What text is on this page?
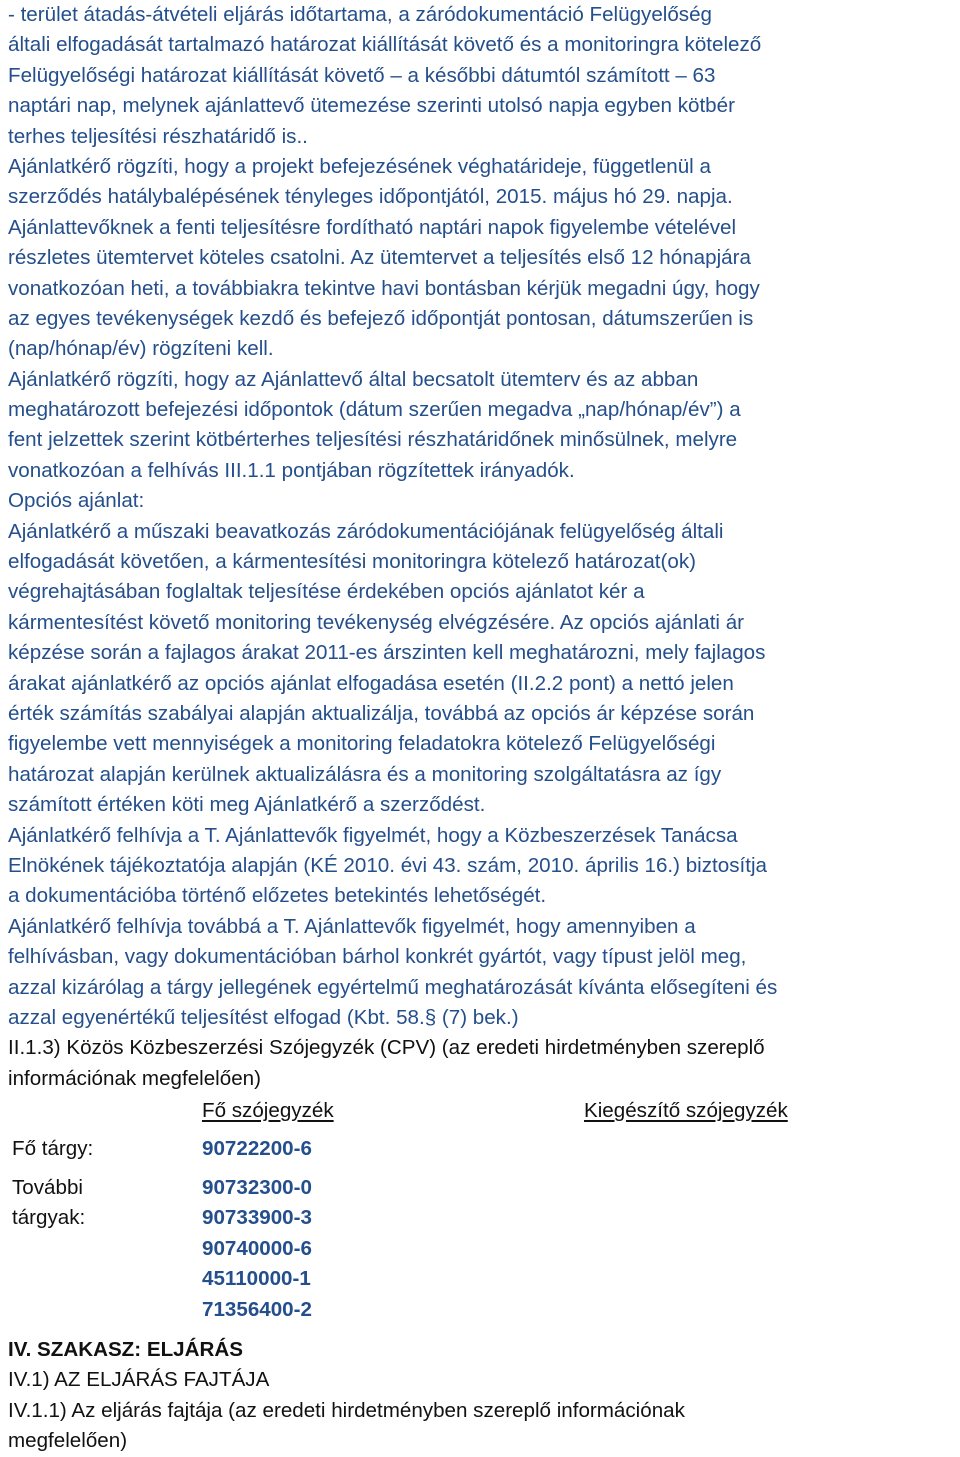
- terület átadás-átvételi eljárás időtartama, a záródokumentáció Felügyelőség
általi elfogadását tartalmazó határozat kiállítását követő és a monitoringra kötelező
Felügyelőségi határozat kiállítását követő – a későbbi dátumtól számított – 63
naptári nap, melynek ajánlattevő ütemezése szerinti utolsó napja egyben kötbér
terhes teljesítési részhatáridő is..
Ajánlatkérő rögzíti, hogy a projekt befejezésének véghatárideje, függetlenül a
szerződés hatálybalépésének tényleges időpontjától, 2015. május hó 29. napja.
Ajánlattevőknek a fenti teljesítésre fordítható naptári napok figyelembe vételével
részletes ütemtervet köteles csatolni. Az ütemtervet a teljesítés első 12 hónapjára
vonatkozóan heti, a továbbiakra tekintve havi bontásban kérjük megadni úgy, hogy
az egyes tevékenységek kezdő és befejező időpontját pontosan, dátumszerűen is
(nap/hónap/év) rögzíteni kell.
Ajánlatkérő rögzíti, hogy az Ajánlattevő által becsatolt ütemterv és az abban
meghatározott befejezési időpontok (dátum szerűen megadva „nap/hónap/év”) a
fent jelzettek szerint kötbérterhes teljesítési részhatáridőnek minősülnek, melyre
vonatkozóan a felhívás III.1.1 pontjában rögzítettek irányadók.
Opciós ajánlat:
Ajánlatkérő a műszaki beavatkozás záródokumentációjának felügyelőség általi
elfogadását követően, a kármentesítési monitoringra kötelező határozat(ok)
végrehajtásában foglaltak teljesítése érdekében opciós ajánlatot kér a
kármentesítést követő monitoring tevékenység elvégzésére. Az opciós ajánlati ár
képzése során a fajlagos árakat 2011-es árszinten kell meghatározni, mely fajlagos
árakat ajánlatkérő az opciós ajánlat elfogadása esetén (II.2.2 pont) a nettó jelen
érték számítás szabályai alapján aktualizálja, továbbá az opciós ár képzése során
figyelembe vett mennyiségek a monitoring feladatokra kötelező Felügyelőségi
határozat alapján kerülnek aktualizálásra és a monitoring szolgáltatásra az így
számított értéken köti meg Ajánlatkérő a szerződést.
Ajánlatkérő felhívja a T. Ajánlattevők figyelmét, hogy a Közbeszerzések Tanácsa
Elnökének tájékoztatója alapján (KÉ 2010. évi 43. szám, 2010. április 16.) biztosítja
a dokumentációba történő előzetes betekintés lehetőségét.
Ajánlatkérő felhívja továbbá a T. Ajánlattevők figyelmét, hogy amennyiben a
felhívásban, vagy dokumentációban bárhol konkrét gyártót, vagy típust jelöl meg,
azzal kizárólag a tárgy jellegének egyértelmű meghatározását kívánta elősegíteni és
azzal egyenértékű teljesítést elfogad (Kbt. 58.§ (7) bek.)
II.1.3) Közös Közbeszerzési Szójegyzék (CPV) (az eredeti hirdetményben szereplő
információnak megfelelően)
Fő szójegyzék	Kiegészítő szójegyzék
Fő tárgy:	90722200-6
További
tárgyak:
90732300-0
90733900-3
90740000-6
45110000-1
71356400-2
IV. SZAKASZ: ELJÁRÁS
IV.1) AZ ELJÁRÁS FAJTÁJA
IV.1.1) Az eljárás fajtája (az eredeti hirdetményben szereplő információnak
megfelelően)
